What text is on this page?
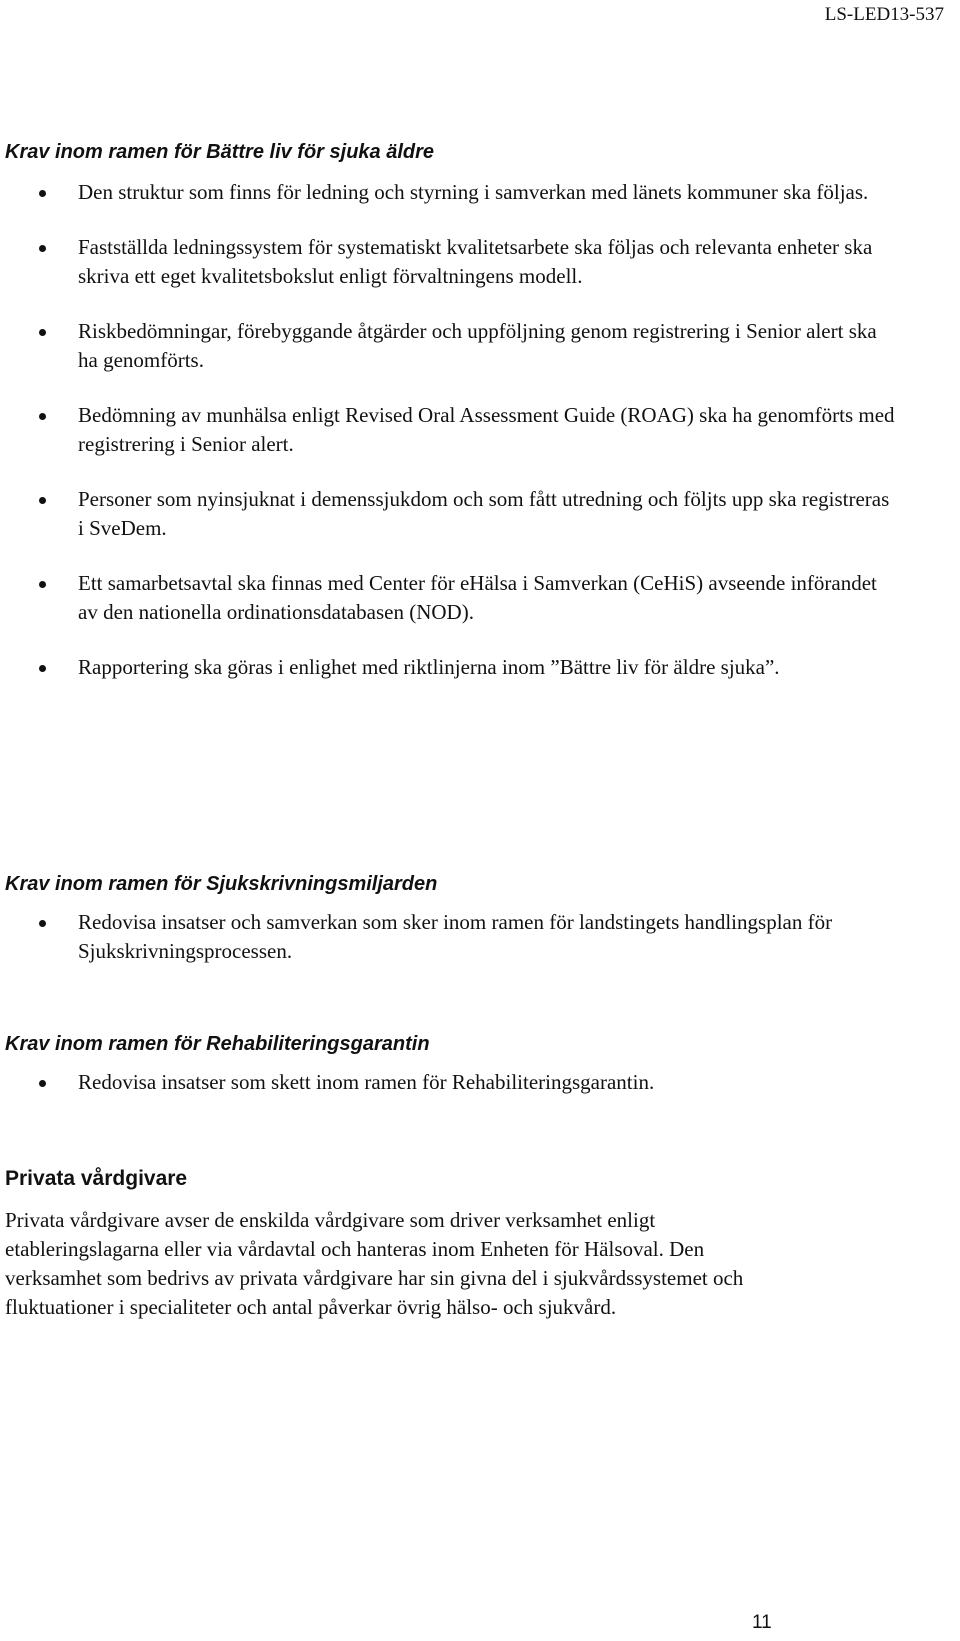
LS-LED13-537
Krav inom ramen för Bättre liv för sjuka äldre
Den struktur som finns för ledning och styrning i samverkan med länets kommuner ska följas.
Fastställda ledningssystem för systematiskt kvalitetsarbete ska följas och relevanta enheter ska skriva ett eget kvalitetsbokslut enligt förvaltningens modell.
Riskbedömningar, förebyggande åtgärder och uppföljning genom registrering i Senior alert ska ha genomförts.
Bedömning av munhälsa enligt Revised Oral Assessment Guide (ROAG) ska ha genomförts med registrering i Senior alert.
Personer som nyinsjuknat i demenssjukdom och som fått utredning och följts upp ska registreras i SveDem.
Ett samarbetsavtal ska finnas med Center för eHälsa i Samverkan (CeHiS) avseende införandet av den nationella ordinationsdatabasen (NOD).
Rapportering ska göras i enlighet med riktlinjerna inom ”Bättre liv för äldre sjuka”.
Krav inom ramen för Sjukskrivningsmiljarden
Redovisa insatser och samverkan som sker inom ramen för landstingets handlingsplan för Sjukskrivningsprocessen.
Krav inom ramen för Rehabiliteringsgarantin
Redovisa insatser som skett inom ramen för Rehabiliteringsgarantin.
Privata vårdgivare

Privata vårdgivare avser de enskilda vårdgivare som driver verksamhet enligt etableringslagarna eller via vårdavtal och hanteras inom Enheten för Hälsoval. Den verksamhet som bedrivs av privata vårdgivare har sin givna del i sjukvårdssystemet och fluktuationer i specialiteter och antal påverkar övrig hälso- och sjukvård.

11
